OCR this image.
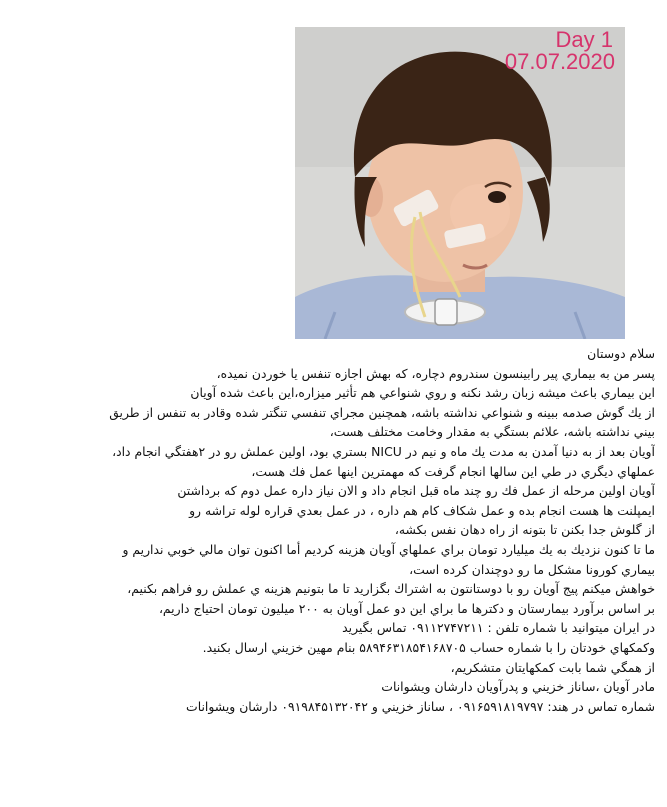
Day 1
07.07.2020
سلام دوستان
پسر من به بيماري پير رابينسون سندروم دچاره، كه بهش اجازه تنفس يا خوردن نميده،
اين بيماري باعث ميشه زبان رشد نكنه و روي شنواعي هم تأثير ميزاره،اين باعث شده آويان
از يك گوش صدمه ببينه و شنواعي نداشته باشه، همچنين مجراي تنفسي تنگتر شده وقادر به تنفس از طريق
بيني نداشته باشه، علائم بستگي به مقدار وخامت مختلف هست،
آويان بعد از به دنيا آمدن به مدت يك ماه و نيم در NICU بستري بود، اولين عملش رو در ۲هفتگي انجام داد،
عملهاي ديگري در طي اين سالها انجام گرفت كه مهمترين اينها عمل فك هست،
آويان اولين مرحله از عمل فك رو چند ماه قبل انجام داد و الان نياز داره عمل دوم كه برداشتن
ايمپلنت ها هست انجام بده و عمل شكاف كام هم داره ، در عمل بعدي قراره لوله تراشه رو
از گلوش جدا بكنن تا بتونه از راه دهان نفس بكشه،
ما تا كنون نزديك به يك ميليارد تومان براي عملهاي آويان هزينه كرديم أما اكنون توان مالي خوبي نداريم و
بيماري كورونا مشكل ما رو دوچندان كرده است،
خواهش ميكنم پيج آويان رو با دوستانتون به اشتراك بگزاريد تا ما بتونيم هزينه ي عملش رو فراهم بكنيم،
بر اساس برآورد بيمارستان و دكترها ما براي اين دو عمل آويان به ۲۰۰ ميليون تومان احتياج داريم،
در ايران ميتوانيد با شماره تلفن : ۰۹۱۱۲۷۴۷۲۱۱ تماس بگيريد
وكمكهاي خودتان را با شماره حساب ۵۸۹۴۶۳۱۸۵۴۱۶۸۷۰۵ بنام مهين خزيني ارسال بكنيد.
از همگي شما بابت كمكهايتان متشكريم،
مادر آويان ،ساناز خزيني و پدرآويان دارشان ويشوانات
شماره تماس در هند: ۰۹۱۶۵۹۱۸۱۹۷۹۷ ، ساناز خزيني و ۰۹۱۹۸۴۵۱۳۲۰۴۲ دارشان ويشوانات
